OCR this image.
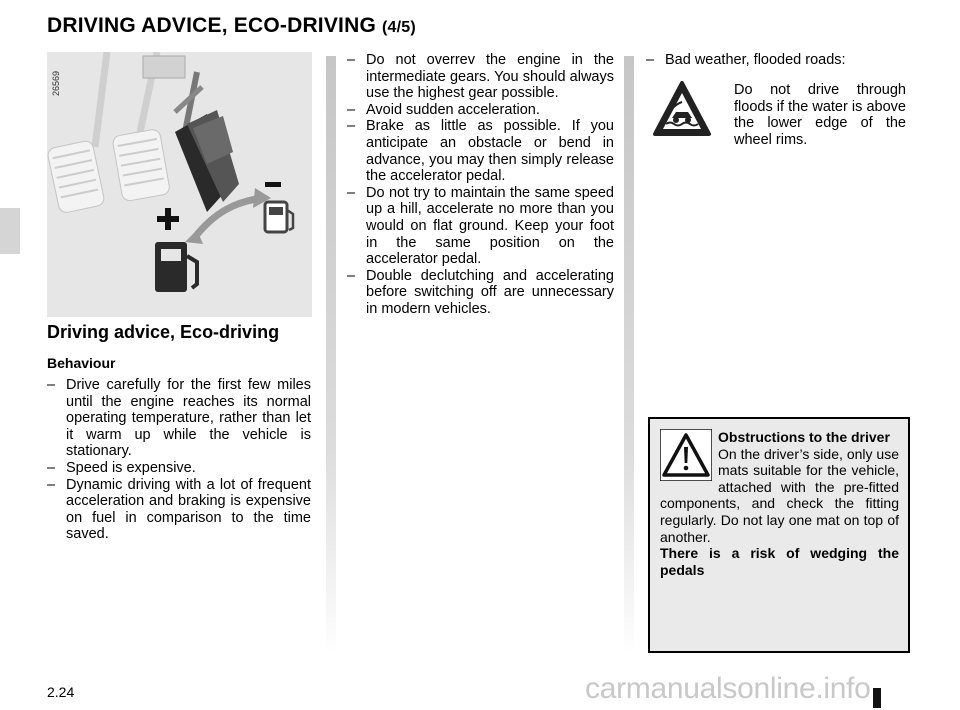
DRIVING ADVICE, ECO-DRIVING (4/5)
26569
Driving advice, Eco-driving
Behaviour
– Drive carefully for the first few miles until the engine reaches its normal operating temperature, rather than let it warm up while the vehicle is stationary.
– Speed is expensive.
– Dynamic driving with a lot of frequent acceleration and braking is expensive on fuel in comparison to the time saved.
– Do not overrev the engine in the intermediate gears. You should always use the highest gear possible.
– Avoid sudden acceleration.
– Brake as little as possible. If you anticipate an obstacle or bend in advance, you may then simply release the accelerator pedal.
– Do not try to maintain the same speed up a hill, accelerate no more than you would on flat ground. Keep your foot in the same position on the accelerator pedal.
– Double declutching and accelerating before switching off are unnecessary in modern vehicles.
– Bad weather, flooded roads:
Do not drive through floods if the water is above the lower edge of the wheel rims.
Obstructions to the driver
On the driver’s side, only use mats suitable for the vehicle, attached with the pre-fitted components, and check the fitting regularly. Do not lay one mat on top of another.
There is a risk of wedging the pedals
2.24	carmanualsonline.info
